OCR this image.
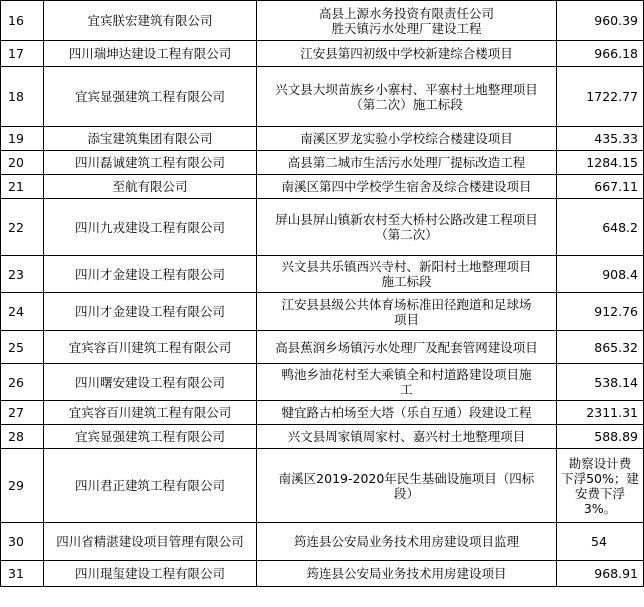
16	宜宾朕宏建筑有限公司	高县上源水务投资有限责任公司
胜天镇污水处理厂建设工程	960.39
17	四川瑞坤达建设工程有限公司	江安县第四初级中学校新建综合楼项目	966.18
18	宜宾显强建筑工程有限公司	兴文县大坝苗族乡小寨村、平寨村土地整理项目
（第二次）施工标段	1722.77
19	添宝建筑集团有限公司	南溪区罗龙实验小学校综合楼建设项目	435.33
20	四川磊诚建筑工程有限公司	高县第二城市生活污水处理厂提标改造工程	1284.15
21	至航有限公司	南溪区第四中学校学生宿舍及综合楼建设项目	667.11
22	四川九戎建设工程有限公司	屏山县屏山镇新农村至大桥村公路改建工程项目
（第二次）	648.2
23	四川才金建设工程有限公司	兴文县共乐镇西兴寺村、新阳村土地整理项目
施工标段	908.4
24	四川才金建设工程有限公司	江安县县级公共体育场标准田径跑道和足球场
项目	912.76
25	宜宾容百川建筑工程有限公司	高县蕉润乡场镇污水处理厂及配套管网建设项目	865.32
26	四川曙安建设工程有限公司	鸭池乡油花村至大乘镇全和村道路建设项目施
工	538.14
27	宜宾容百川建筑工程有限公司	犍宜路古柏场至大塔（乐自互通）段建设工程	2311.31
28	宜宾显强建筑工程有限公司	兴文县周家镇周家村、嘉兴村土地整理项目	588.89
29	四川君正建筑工程有限公司	南溪区2019-2020年民生基础设施项目（四标
段）	勘察设计费
下浮50%；建
安费下浮
3%。
30	四川省精湛建设项目管理有限公司	筠连县公安局业务技术用房建设项目监理	54
31	四川琨玺建设工程有限公司	筠连县公安局业务技术用房建设项目	968.91
